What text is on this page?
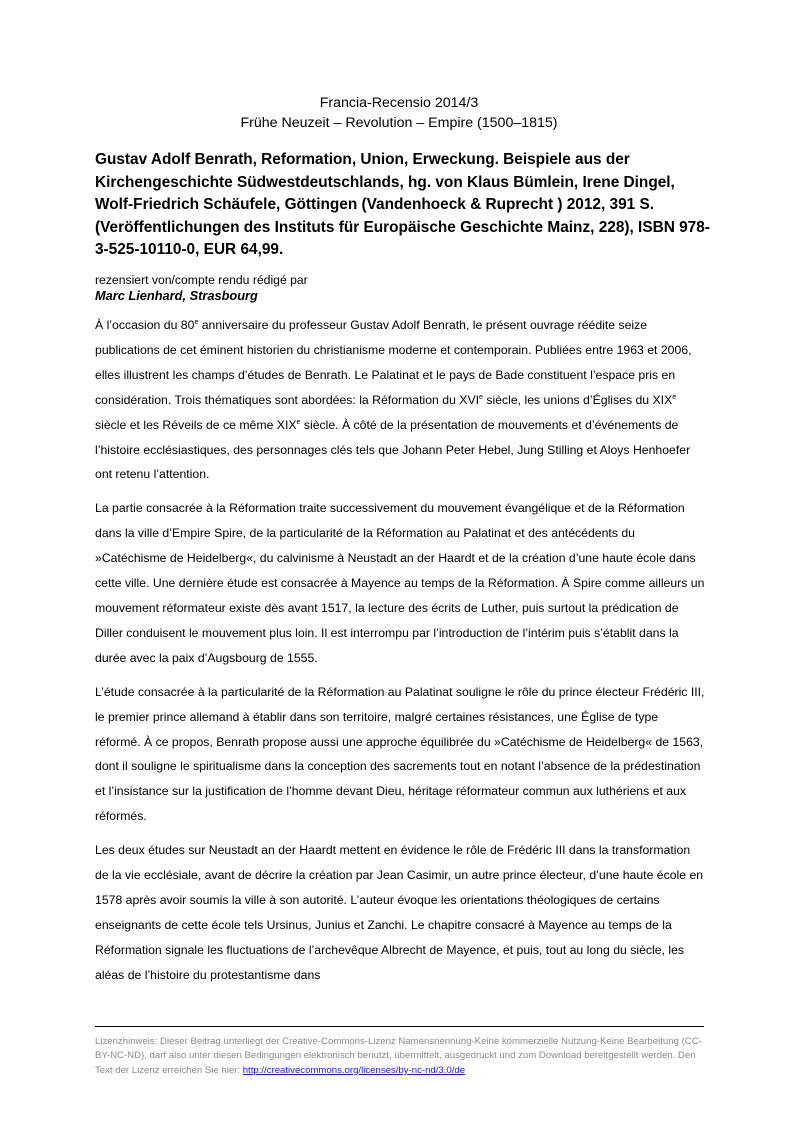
Francia-Recensio 2014/3
Frühe Neuzeit – Revolution – Empire (1500–1815)
Gustav Adolf Benrath, Reformation, Union, Erweckung. Beispiele aus der Kirchengeschichte Südwestdeutschlands, hg. von Klaus Bümlein, Irene Dingel, Wolf-Friedrich Schäufele, Göttingen (Vandenhoeck & Ruprecht ) 2012, 391 S. (Veröffentlichungen des Instituts für Europäische Geschichte Mainz, 228), ISBN 978-3-525-10110-0, EUR 64,99.
rezensiert von/compte rendu rédigé par
Marc Lienhard, Strasbourg

À l’occasion du 80e anniversaire du professeur Gustav Adolf Benrath, le présent ouvrage réédite seize publications de cet éminent historien du christianisme moderne et contemporain. Publiées entre 1963 et 2006, elles illustrent les champs d’études de Benrath. Le Palatinat et le pays de Bade constituent l’espace pris en considération. Trois thématiques sont abordées: la Réformation du XVIe siècle, les unions d’Églises du XIXe siècle et les Réveils de ce même XIXe siècle. À côté de la présentation de mouvements et d’événements de l’histoire ecclésiastiques, des personnages clés tels que Johann Peter Hebel, Jung Stilling et Aloys Henhoefer ont retenu l’attention.

La partie consacrée à la Réformation traite successivement du mouvement évangélique et de la Réformation dans la ville d’Empire Spire, de la particularité de la Réformation au Palatinat et des antécédents du »Catéchisme de Heidelberg«, du calvinisme à Neustadt an der Haardt et de la création d’une haute école dans cette ville. Une dernière étude est consacrée à Mayence au temps de la Réformation. À Spire comme ailleurs un mouvement réformateur existe dès avant 1517, la lecture des écrits de Luther, puis surtout la prédication de Diller conduisent le mouvement plus loin. Il est interrompu par l’introduction de l’intérim puis s’établit dans la durée avec la paix d’Augsbourg de 1555.

L’étude consacrée à la particularité de la Réformation au Palatinat souligne le rôle du prince électeur Frédéric III, le premier prince allemand à établir dans son territoire, malgré certaines résistances, une Église de type réformé. À ce propos, Benrath propose aussi une approche équilibrée du »Catéchisme de Heidelberg« de 1563, dont il souligne le spiritualisme dans la conception des sacrements tout en notant l’absence de la prédestination et l’insistance sur la justification de l’homme devant Dieu, héritage réformateur commun aux luthériens et aux réformés.

Les deux études sur Neustadt an der Haardt mettent en évidence le rôle de Frédéric III dans la transformation de la vie ecclésiale, avant de décrire la création par Jean Casimir, un autre prince électeur, d’une haute école en 1578 après avoir soumis la ville à son autorité. L’auteur évoque les orientations théologiques de certains enseignants de cette école tels Ursinus, Junius et Zanchi. Le chapitre consacré à Mayence au temps de la Réformation signale les fluctuations de l’archevêque Albrecht de Mayence, et puis, tout au long du siècle, les aléas de l’histoire du protestantisme dans

Lizenzhinweis: Dieser Beitrag unterliegt der Creative-Commons-Lizenz Namensnennung-Keine kommerzielle Nutzung-Keine Bearbeitung (CC-BY-NC-ND), darf also unter diesen Bedingungen elektronisch benutzt, übermittelt, ausgedruckt und zum Download bereitgestellt werden. Den Text der Lizenz erreichen Sie hier: http://creativecommons.org/licenses/by-nc-nd/3.0/de
